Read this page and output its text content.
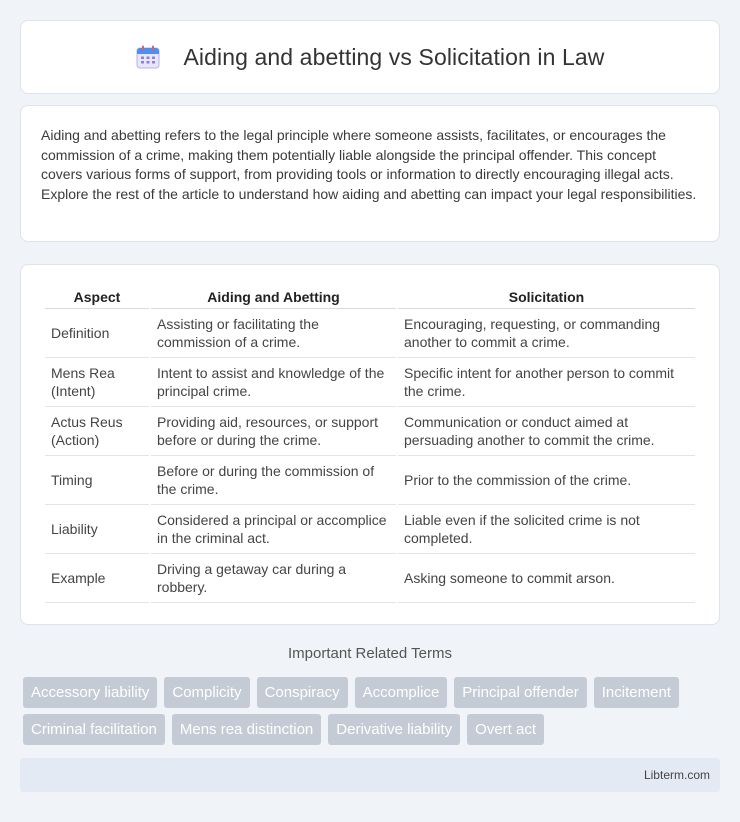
Aiding and abetting vs Solicitation in Law

Aiding and abetting refers to the legal principle where someone assists, facilitates, or encourages the commission of a crime, making them potentially liable alongside the principal offender. This concept covers various forms of support, from providing tools or information to directly encouraging illegal acts. Explore the rest of the article to understand how aiding and abetting can impact your legal responsibilities.

Aspect	Aiding and Abetting	Solicitation
Definition	Assisting or facilitating the commission of a crime.	Encouraging, requesting, or commanding another to commit a crime.
Mens Rea (Intent)	Intent to assist and knowledge of the principal crime.	Specific intent for another person to commit the crime.
Actus Reus (Action)	Providing aid, resources, or support before or during the crime.	Communication or conduct aimed at persuading another to commit the crime.
Timing	Before or during the commission of the crime.	Prior to the commission of the crime.
Liability	Considered a principal or accomplice in the criminal act.	Liable even if the solicited crime is not completed.
Example	Driving a getaway car during a robbery.	Asking someone to commit arson.
Important Related Terms
Accessory liability	Complicity	Conspiracy	Accomplice	Principal offender	Incitement
Criminal facilitation	Mens rea distinction	Derivative liability	Overt act
Libterm.com
